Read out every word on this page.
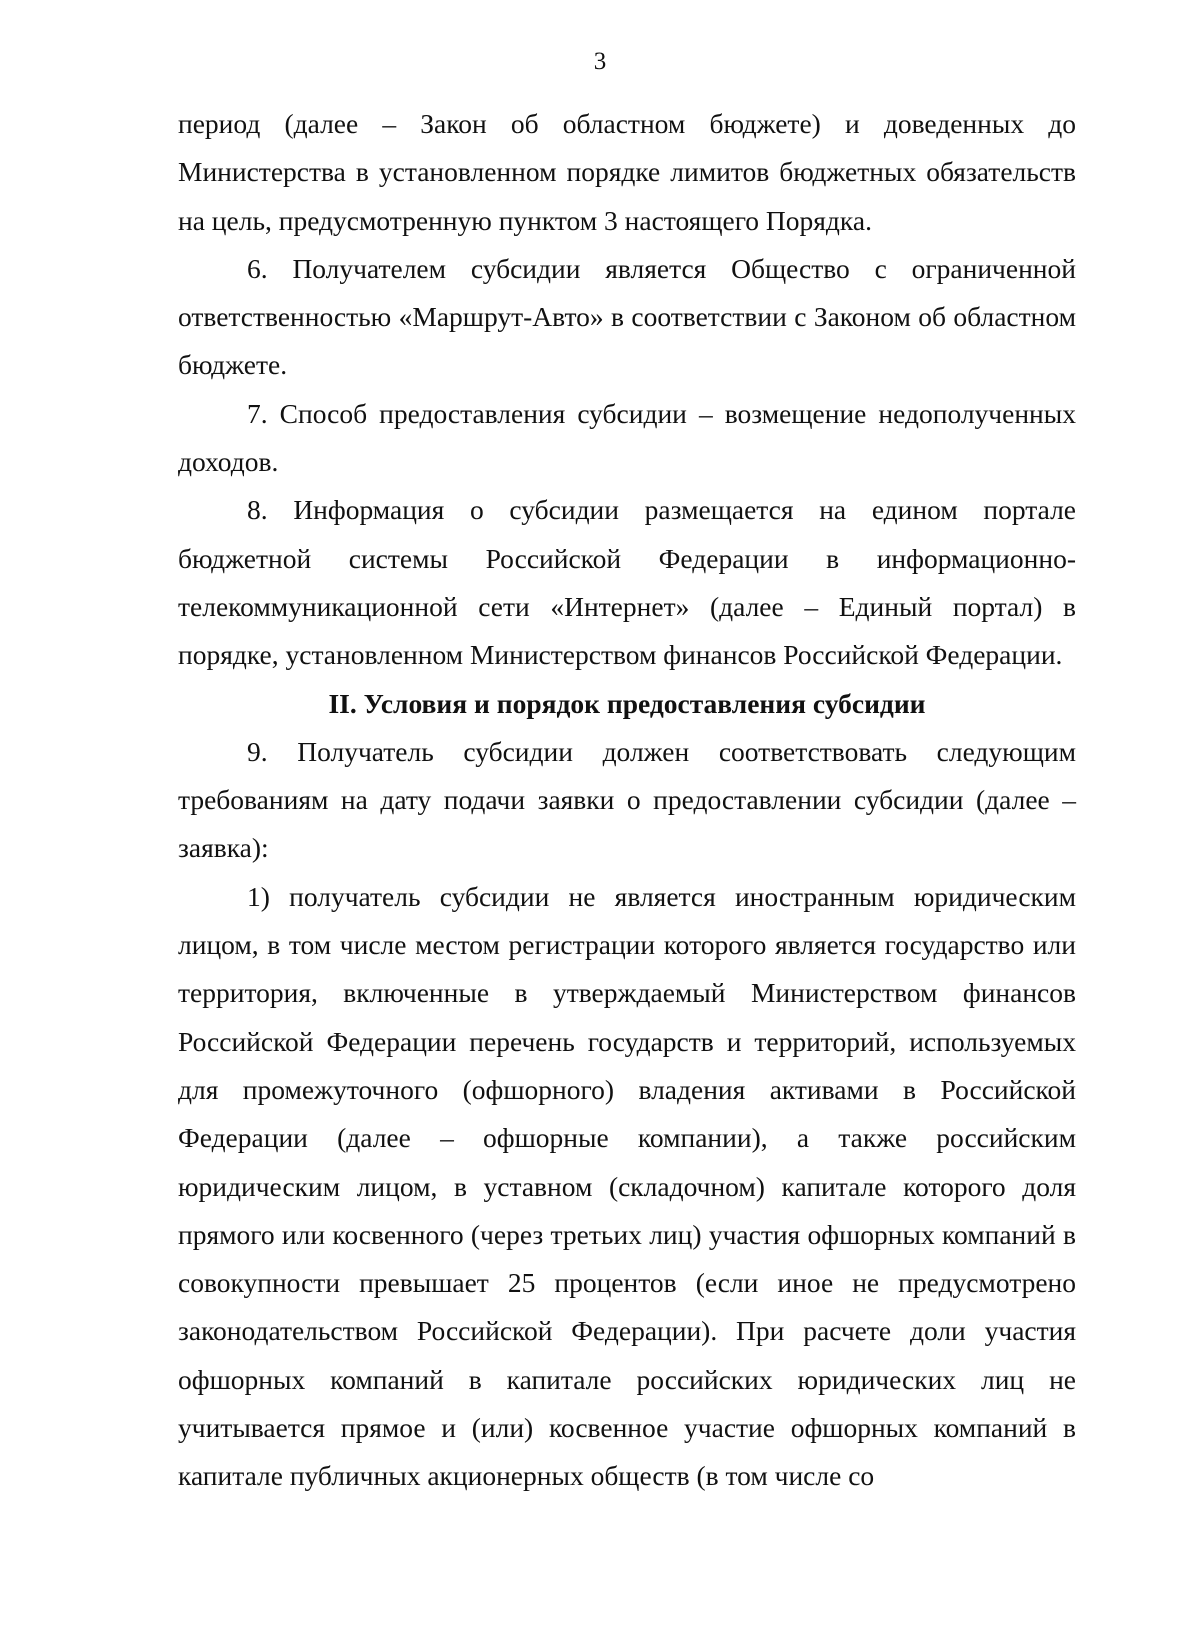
3

период (далее – Закон об областном бюджете) и доведенных до Министерства в установленном порядке лимитов бюджетных обязательств на цель, предусмотренную пунктом 3 настоящего Порядка.

6. Получателем субсидии является Общество с ограниченной ответственностью «Маршрут-Авто» в соответствии с Законом об областном бюджете.

7. Способ предоставления субсидии – возмещение недополученных доходов.

8. Информация о субсидии размещается на едином портале бюджетной системы Российской Федерации в информационно-телекоммуникационной сети «Интернет» (далее – Единый портал) в порядке, установленном Министерством финансов Российской Федерации.

II. Условия и порядок предоставления субсидии

9. Получатель субсидии должен соответствовать следующим требованиям на дату подачи заявки о предоставлении субсидии (далее – заявка):

1) получатель субсидии не является иностранным юридическим лицом, в том числе местом регистрации которого является государство или территория, включенные в утверждаемый Министерством финансов Российской Федерации перечень государств и территорий, используемых для промежуточного (офшорного) владения активами в Российской Федерации (далее – офшорные компании), а также российским юридическим лицом, в уставном (складочном) капитале которого доля прямого или косвенного (через третьих лиц) участия офшорных компаний в совокупности превышает 25 процентов (если иное не предусмотрено законодательством Российской Федерации). При расчете доли участия офшорных компаний в капитале российских юридических лиц не учитывается прямое и (или) косвенное участие офшорных компаний в капитале публичных акционерных обществ (в том числе со
